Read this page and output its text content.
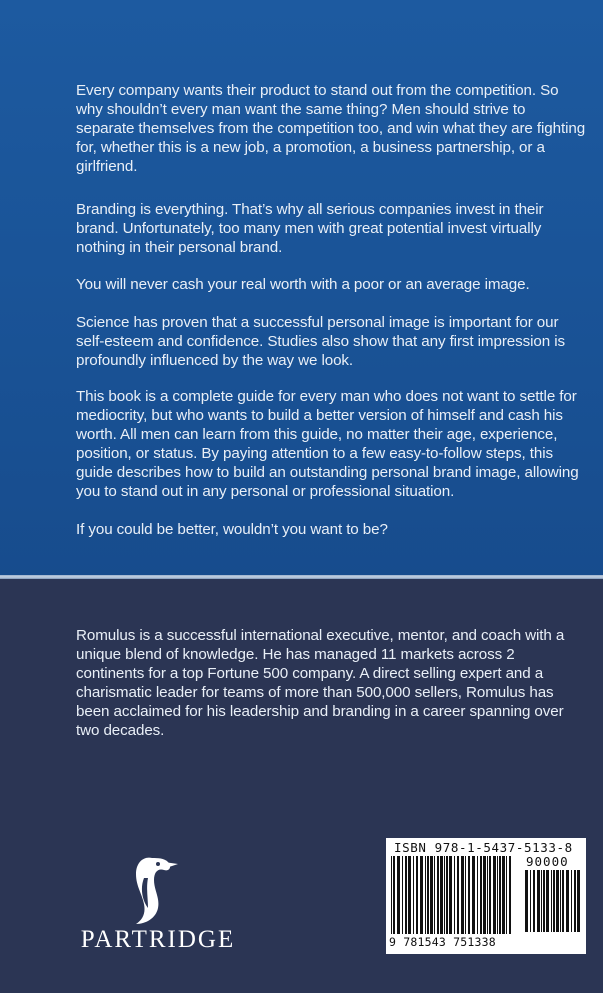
Every company wants their product to stand out from the competition. So why shouldn’t every man want the same thing? Men should strive to separate themselves from the competition too, and win what they are fighting for, whether this is a new job, a promotion, a business partnership, or a girlfriend.

Branding is everything. That’s why all serious companies invest in their brand. Unfortunately, too many men with great potential invest virtually nothing in their personal brand.

You will never cash your real worth with a poor or an average image.

Science has proven that a successful personal image is important for our self-esteem and confidence. Studies also show that any first impression is profoundly influenced by the way we look.

This book is a complete guide for every man who does not want to settle for mediocrity, but who wants to build a better version of himself and cash his worth. All men can learn from this guide, no matter their age, experience, position, or status. By paying attention to a few easy-to-follow steps, this guide describes how to build an outstanding personal brand image, allowing you to stand out in any personal or professional situation.

If you could be better, wouldn’t you want to be?

Romulus is a successful international executive, mentor, and coach with a unique blend of knowledge. He has managed 11 markets across 2 continents for a top Fortune 500 company. A direct selling expert and a charismatic leader for teams of more than 500,000 sellers, Romulus has been acclaimed for his leadership and branding in a career spanning over two decades.

PARTRIDGE
ISBN 978-1-5437-5133-8
90000
9 781543 751338
